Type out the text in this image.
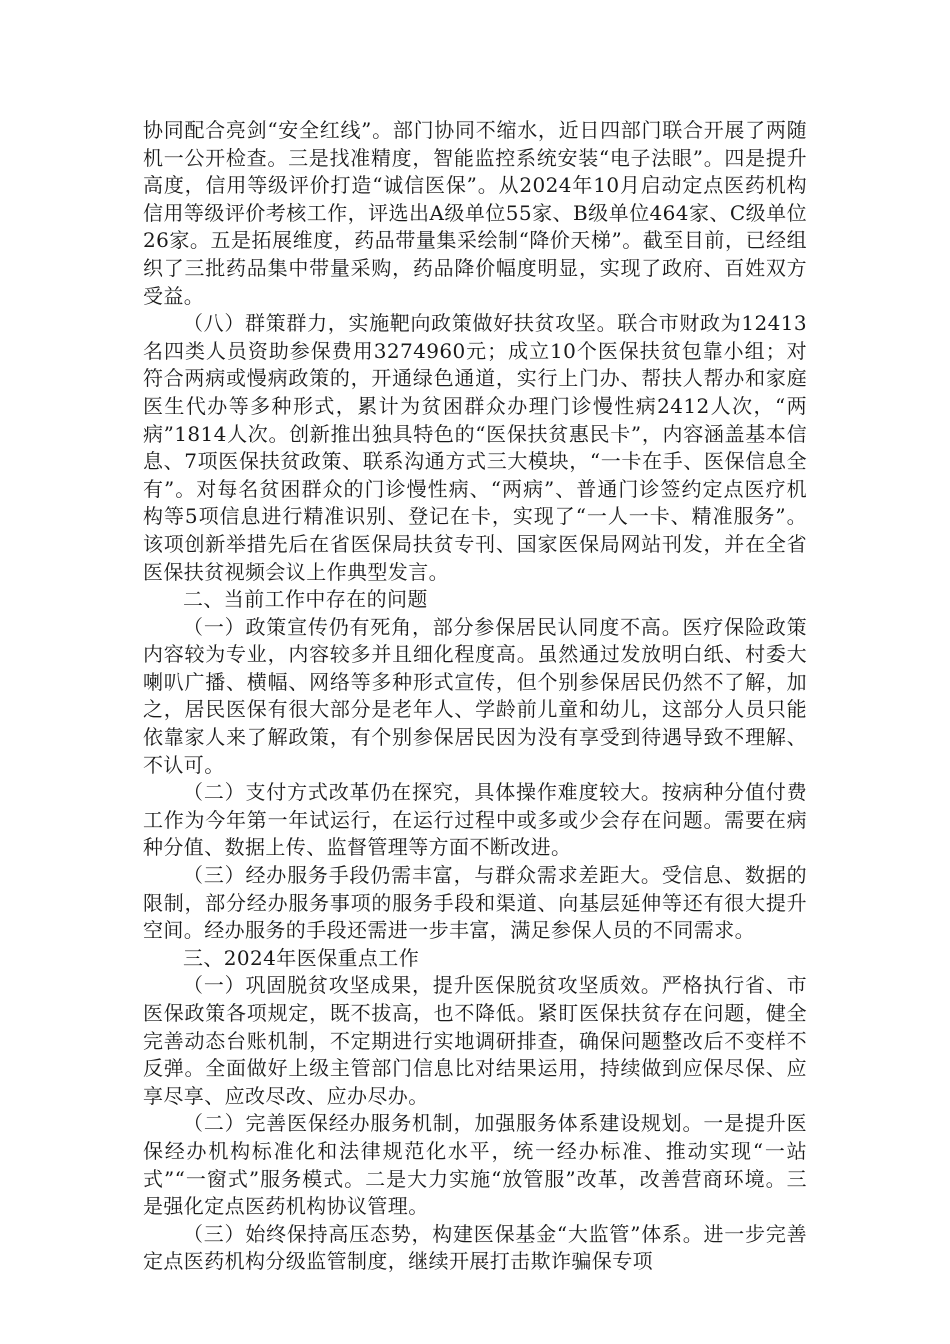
协同配合亮剑“安全红线”。部门协同不缩水，近日四部门联合开展了两随机一公开检查。三是找准精度，智能监控系统安装“电子法眼”。四是提升高度，信用等级评价打造“诚信医保”。从2024年10月启动定点医药机构信用等级评价考核工作，评选出A级单位55家、B级单位464家、C级单位26家。五是拓展维度，药品带量集采绘制“降价天梯”。截至目前，已经组织了三批药品集中带量采购，药品降价幅度明显，实现了政府、百姓双方受益。

（八）群策群力，实施靶向政策做好扶贫攻坚。联合市财政为12413名四类人员资助参保费用3274960元；成立10个医保扶贫包靠小组；对符合两病或慢病政策的，开通绿色通道，实行上门办、帮扶人帮办和家庭医生代办等多种形式，累计为贫困群众办理门诊慢性病2412人次，“两病”1814人次。创新推出独具特色的“医保扶贫惠民卡”，内容涵盖基本信息、7项医保扶贫政策、联系沟通方式三大模块，“一卡在手、医保信息全有”。对每名贫困群众的门诊慢性病、“两病”、普通门诊签约定点医疗机构等5项信息进行精准识别、登记在卡，实现了“一人一卡、精准服务”。该项创新举措先后在省医保局扶贫专刊、国家医保局网站刊发，并在全省医保扶贫视频会议上作典型发言。

二、当前工作中存在的问题

（一）政策宣传仍有死角，部分参保居民认同度不高。医疗保险政策内容较为专业，内容较多并且细化程度高。虽然通过发放明白纸、村委大喇叭广播、横幅、网络等多种形式宣传，但个别参保居民仍然不了解，加之，居民医保有很大部分是老年人、学龄前儿童和幼儿，这部分人员只能依靠家人来了解政策，有个别参保居民因为没有享受到待遇导致不理解、不认可。

（二）支付方式改革仍在探究，具体操作难度较大。按病种分值付费工作为今年第一年试运行，在运行过程中或多或少会存在问题。需要在病种分值、数据上传、监督管理等方面不断改进。

（三）经办服务手段仍需丰富，与群众需求差距大。受信息、数据的限制，部分经办服务事项的服务手段和渠道、向基层延伸等还有很大提升空间。经办服务的手段还需进一步丰富，满足参保人员的不同需求。

三、2024年医保重点工作

（一）巩固脱贫攻坚成果，提升医保脱贫攻坚质效。严格执行省、市医保政策各项规定，既不拔高，也不降低。紧盯医保扶贫存在问题，健全完善动态台账机制，不定期进行实地调研排查，确保问题整改后不变样不反弹。全面做好上级主管部门信息比对结果运用，持续做到应保尽保、应享尽享、应改尽改、应办尽办。

（二）完善医保经办服务机制，加强服务体系建设规划。一是提升医保经办机构标准化和法律规范化水平，统一经办标准、推动实现“一站式”“一窗式”服务模式。二是大力实施“放管服”改革，改善营商环境。三是强化定点医药机构协议管理。

（三）始终保持高压态势，构建医保基金“大监管”体系。进一步完善定点医药机构分级监管制度，继续开展打击欺诈骗保专项
